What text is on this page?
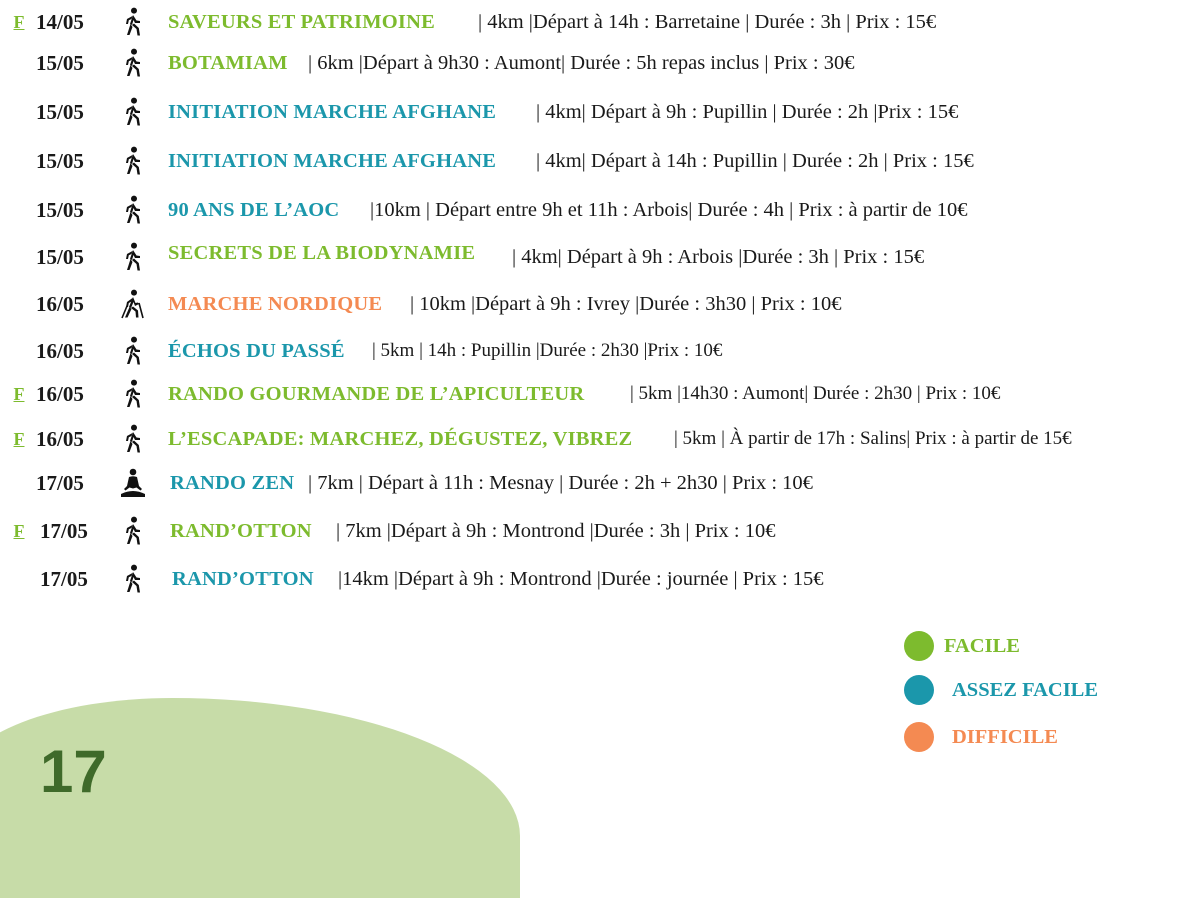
F 14/05	SAVEURS ET PATRIMOINE | 4km |Départ à 14h : Barretaine | Durée : 3h | Prix : 15€
15/05	BOTAMIAM | 6km |Départ à 9h30 : Aumont| Durée : 5h repas inclus | Prix : 30€
15/05	INITIATION MARCHE AFGHANE | 4km| Départ à 9h : Pupillin | Durée : 2h |Prix : 15€
15/05	INITIATION MARCHE AFGHANE | 4km| Départ à 14h : Pupillin | Durée : 2h | Prix : 15€
15/05	90 ANS DE L’AOC |10km | Départ entre 9h et 11h : Arbois| Durée : 4h | Prix : à partir de 10€
15/05	SECRETS DE LA BIODYNAMIE | 4km| Départ à 9h : Arbois |Durée : 3h | Prix : 15€
16/05	MARCHE NORDIQUE | 10km |Départ à 9h : Ivrey |Durée : 3h30 | Prix : 10€
16/05	ÉCHOS DU PASSÉ | 5km | 14h : Pupillin |Durée : 2h30 |Prix : 10€
F 16/05	RANDO GOURMANDE DE L’APICULTEUR | 5km |14h30 : Aumont| Durée : 2h30 | Prix : 10€
F 16/05	L’ESCAPADE: MARCHEZ, DÉGUSTEZ, VIBREZ | 5km | À partir de 17h : Salins| Prix : à partir de 15€
17/05	RANDO ZEN | 7km | Départ à 11h : Mesnay | Durée : 2h + 2h30 | Prix : 10€
F 17/05	RAND’OTTON | 7km |Départ à 9h : Montrond |Durée : 3h | Prix : 10€
17/05	RAND’OTTON |14km |Départ à 9h : Montrond |Durée : journée | Prix : 15€
FACILE
ASSEZ FACILE
DIFFICILE
17
